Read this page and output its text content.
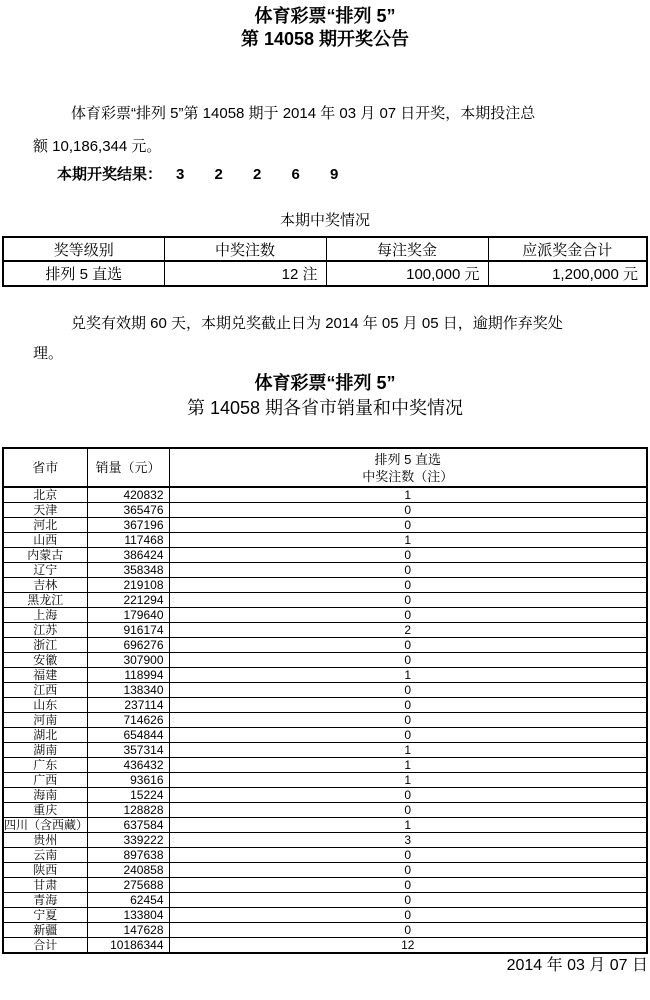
体育彩票“排列 5”
第 14058 期开奖公告
体育彩票“排列 5”第 14058 期于 2014 年 03 月 07 日开奖，本期投注总
额 10,186,344 元。
本期开奖结果： 3 2 2 6 9
本期中奖情况
奖等级别	中奖注数	每注奖金	应派奖金合计
排列 5 直选	12 注	100,000 元	1,200,000 元
兑奖有效期 60 天，本期兑奖截止日为 2014 年 05 月 05 日，逾期作弃奖处
理。
体育彩票“排列 5”
第 14058 期各省市销量和中奖情况
省市	销量（元）	排列 5 直选
中奖注数（注）

北京	420832	1
天津	365476	0
河北	367196	0
山西	117468	1
内蒙古	386424	0
辽宁	358348	0
吉林	219108	0
黑龙江	221294	0
上海	179640	0
江苏	916174	2
浙江	696276	0
安徽	307900	0
福建	118994	1
江西	138340	0
山东	237114	0
河南	714626	0
湖北	654844	0
湖南	357314	1
广东	436432	1
广西	93616	1
海南	15224	0
重庆	128828	0
四川（含西藏）	637584	1
贵州	339222	3
云南	897638	0
陕西	240858	0
甘肃	275688	0
青海	62454	0
宁夏	133804	0
新疆	147628	0
合计	10186344	12
2014 年 03 月 07 日
